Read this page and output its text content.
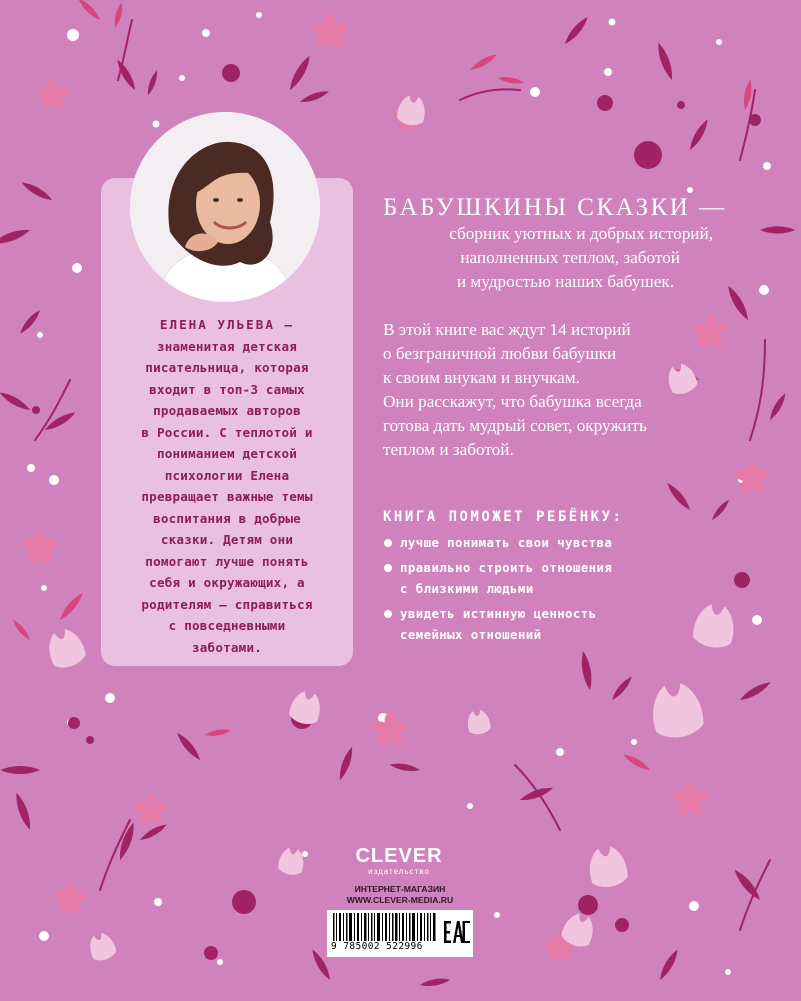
ЕЛЕНА УЛЬЕВА —
знаменитая детская
писательница, которая
входит в топ-3 самых
продаваемых авторов
в России. С теплотой и
пониманием детской
психологии Елена
превращает важные темы
воспитания в добрые
сказки. Детям они
помогают лучше понять
себя и окружающих, а
родителям — справиться
с повседневными
заботами.
БАБУШКИНЫ СКАЗКИ —
сборник уютных и добрых историй,
наполненных теплом, заботой
и мудростью наших бабушек.
В этой книге вас ждут 14 историй
о безграничной любви бабушки
к своим внукам и внучкам.
Они расскажут, что бабушка всегда
готова дать мудрый совет, окружить
теплом и заботой.
КНИГА ПОМОЖЕТ РЕБЁНКУ:
лучше понимать свои чувства
правильно строить отношения
с близкими людьми
увидеть истинную ценность
семейных отношений
CLEVER
издательство
ИНТЕРНЕТ-МАГАЗИН
WWW.CLEVER-MEDIA.RU
9 785002 522996
